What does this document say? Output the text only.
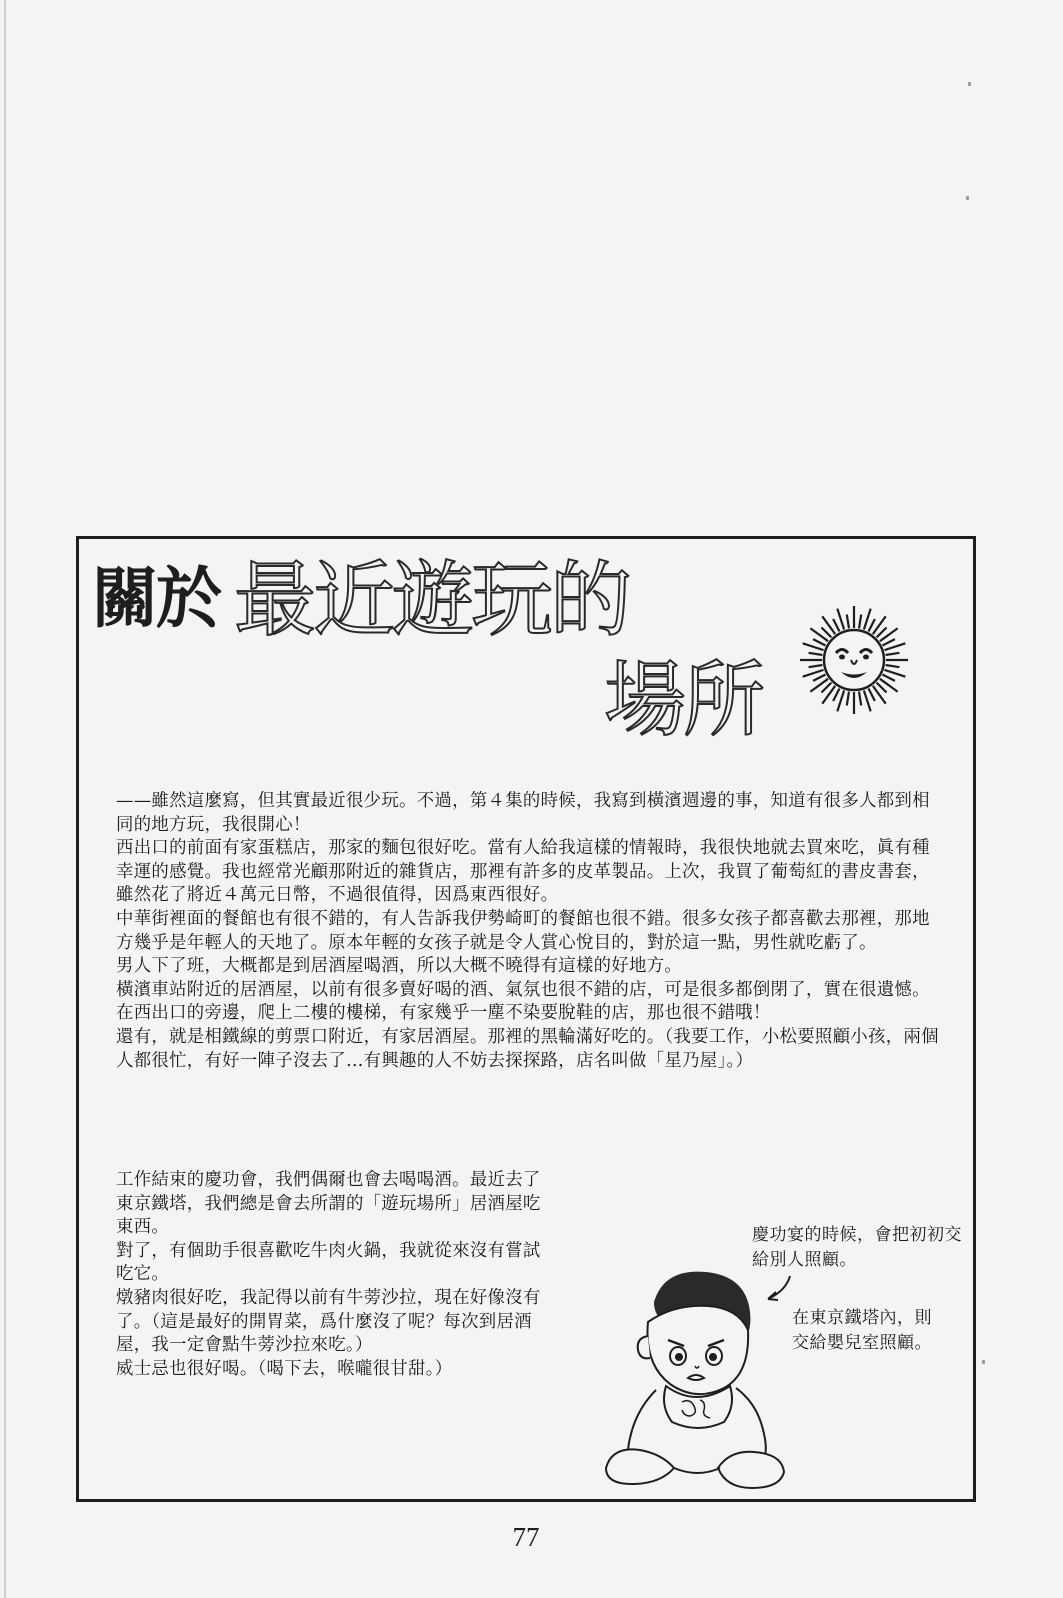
關於 最近遊玩的
場所

——雖然這麼寫，但其實最近很少玩。不過，第４集的時候，我寫到橫濱週邊的事，知道有很多人都到相同的地方玩，我很開心！

西出口的前面有家蛋糕店，那家的麵包很好吃。當有人給我這樣的情報時，我很快地就去買來吃，眞有種幸運的感覺。我也經常光顧那附近的雜貨店，那裡有許多的皮革製品。上次，我買了葡萄紅的書皮書套，雖然花了將近４萬元日幣，不過很值得，因爲東西很好。

中華街裡面的餐館也有很不錯的，有人告訴我伊勢崎町的餐館也很不錯。很多女孩子都喜歡去那裡，那地方幾乎是年輕人的天地了。原本年輕的女孩子就是令人賞心悅目的，對於這一點，男性就吃虧了。

男人下了班，大概都是到居酒屋喝酒，所以大概不曉得有這樣的好地方。

橫濱車站附近的居酒屋，以前有很多賣好喝的酒、氣氛也很不錯的店，可是很多都倒閉了，實在很遺憾。在西出口的旁邊，爬上二樓的樓梯，有家幾乎一塵不染要脫鞋的店，那也很不錯哦！

還有，就是相鐵線的剪票口附近，有家居酒屋。那裡的黑輪滿好吃的。（我要工作，小松要照顧小孩，兩個人都很忙，有好一陣子沒去了…有興趣的人不妨去探探路，店名叫做「星乃屋」。）

工作結束的慶功會，我們偶爾也會去喝喝酒。最近去了東京鐵塔，我們總是會去所謂的「遊玩場所」居酒屋吃東西。

對了，有個助手很喜歡吃牛肉火鍋，我就從來沒有嘗試吃它。

燉豬肉很好吃，我記得以前有牛蒡沙拉，現在好像沒有了。（這是最好的開胃菜，爲什麼沒了呢？每次到居酒屋，我一定會點牛蒡沙拉來吃。）

威士忌也很好喝。（喝下去，喉嚨很甘甜。）

慶功宴的時候，會把初初交給別人照顧。
在東京鐵塔內，則交給嬰兒室照顧。
77
